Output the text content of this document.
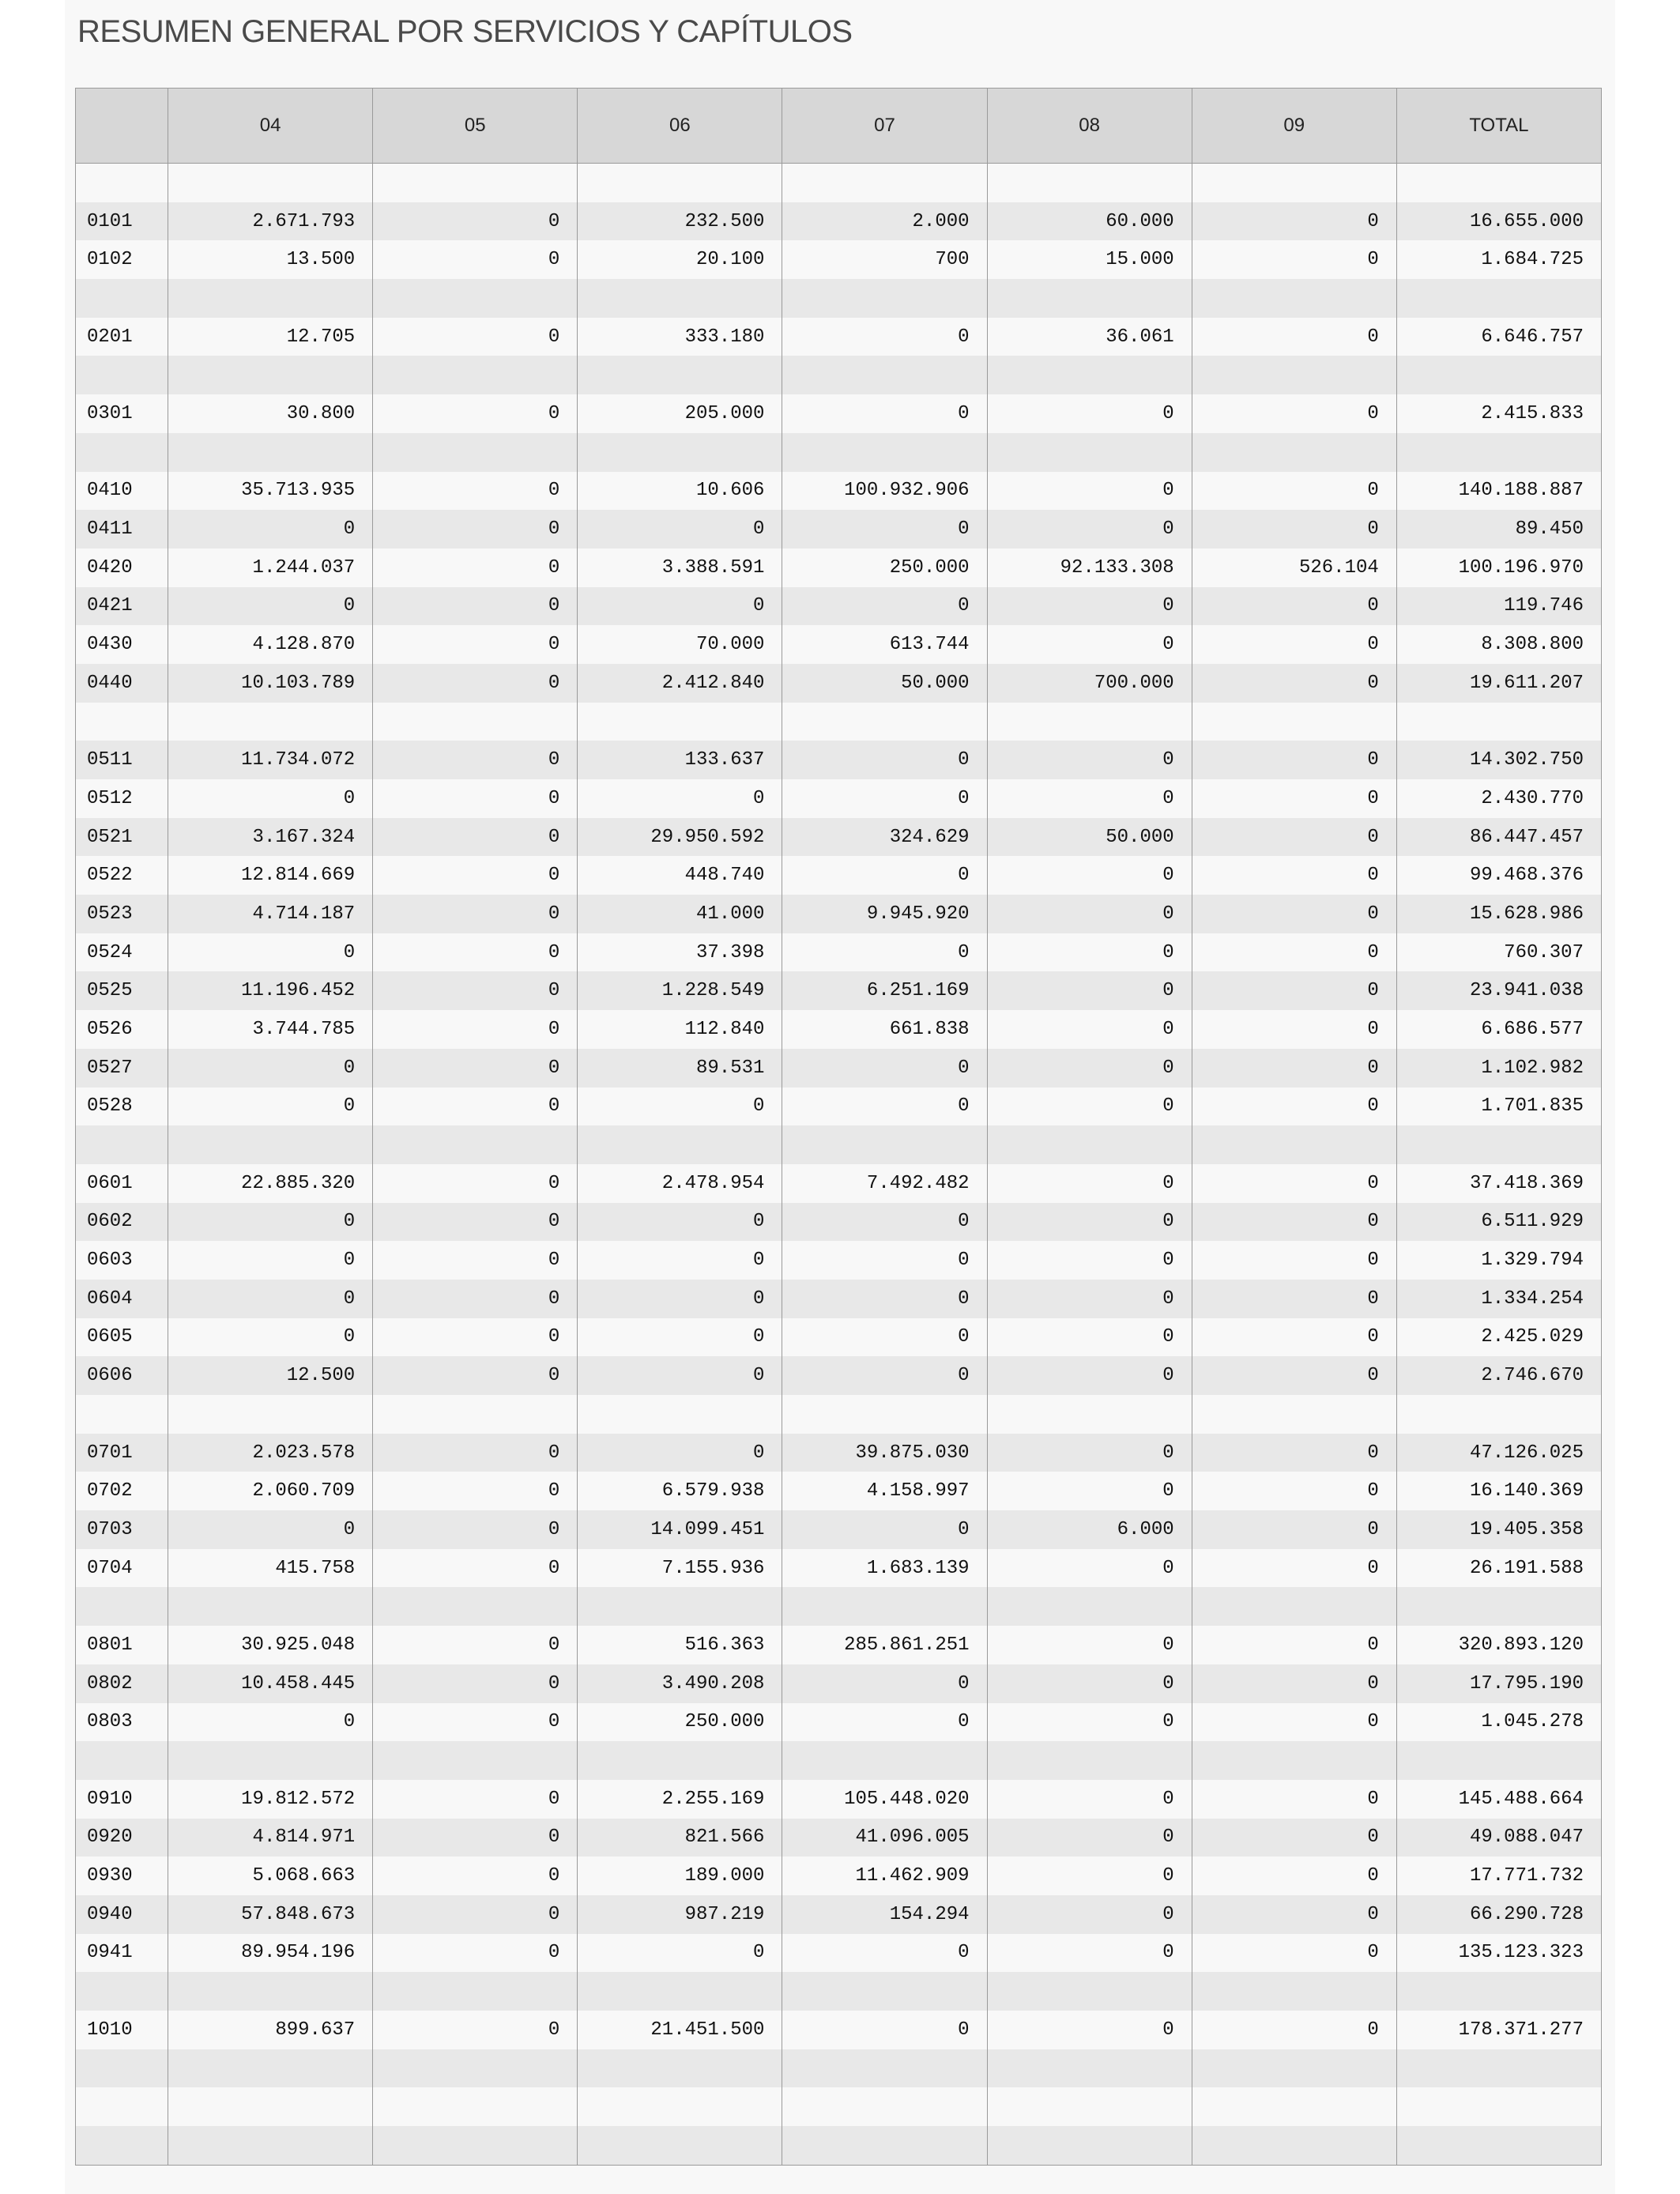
RESUMEN GENERAL POR SERVICIOS Y CAPÍTULOS
	04	05	06	07	08	09	TOTAL

0101	2.671.793	0	232.500	2.000	60.000	0	16.655.000
0102	13.500	0	20.100	700	15.000	0	1.684.725

0201	12.705	0	333.180	0	36.061	0	6.646.757

0301	30.800	0	205.000	0	0	0	2.415.833

0410	35.713.935	0	10.606	100.932.906	0	0	140.188.887
0411	0	0	0	0	0	0	89.450
0420	1.244.037	0	3.388.591	250.000	92.133.308	526.104	100.196.970
0421	0	0	0	0	0	0	119.746
0430	4.128.870	0	70.000	613.744	0	0	8.308.800
0440	10.103.789	0	2.412.840	50.000	700.000	0	19.611.207

0511	11.734.072	0	133.637	0	0	0	14.302.750
0512	0	0	0	0	0	0	2.430.770
0521	3.167.324	0	29.950.592	324.629	50.000	0	86.447.457
0522	12.814.669	0	448.740	0	0	0	99.468.376
0523	4.714.187	0	41.000	9.945.920	0	0	15.628.986
0524	0	0	37.398	0	0	0	760.307
0525	11.196.452	0	1.228.549	6.251.169	0	0	23.941.038
0526	3.744.785	0	112.840	661.838	0	0	6.686.577
0527	0	0	89.531	0	0	0	1.102.982
0528	0	0	0	0	0	0	1.701.835

0601	22.885.320	0	2.478.954	7.492.482	0	0	37.418.369
0602	0	0	0	0	0	0	6.511.929
0603	0	0	0	0	0	0	1.329.794
0604	0	0	0	0	0	0	1.334.254
0605	0	0	0	0	0	0	2.425.029
0606	12.500	0	0	0	0	0	2.746.670

0701	2.023.578	0	0	39.875.030	0	0	47.126.025
0702	2.060.709	0	6.579.938	4.158.997	0	0	16.140.369
0703	0	0	14.099.451	0	6.000	0	19.405.358
0704	415.758	0	7.155.936	1.683.139	0	0	26.191.588

0801	30.925.048	0	516.363	285.861.251	0	0	320.893.120
0802	10.458.445	0	3.490.208	0	0	0	17.795.190
0803	0	0	250.000	0	0	0	1.045.278

0910	19.812.572	0	2.255.169	105.448.020	0	0	145.488.664
0920	4.814.971	0	821.566	41.096.005	0	0	49.088.047
0930	5.068.663	0	189.000	11.462.909	0	0	17.771.732
0940	57.848.673	0	987.219	154.294	0	0	66.290.728
0941	89.954.196	0	0	0	0	0	135.123.323

1010	899.637	0	21.451.500	0	0	0	178.371.277
